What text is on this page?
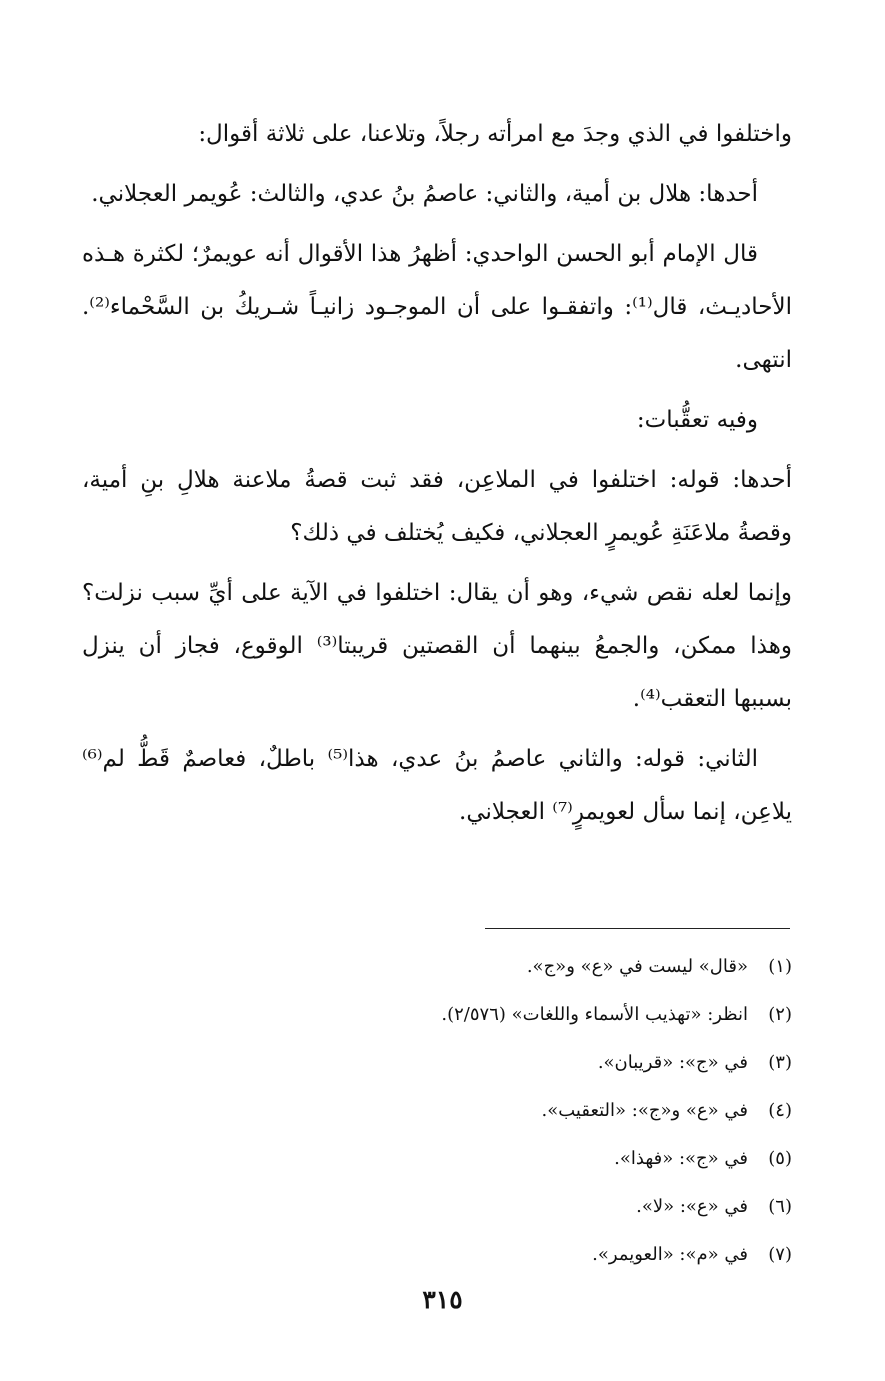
واختلفوا في الذي وجدَ مع امرأته رجلاً، وتلاعنا، على ثلاثة أقوال:

أحدها: هلال بن أمية، والثاني: عاصمُ بنُ عدي، والثالث: عُويمر العجلاني.

قال الإمام أبو الحسن الواحدي: أظهرُ هذا الأقوال أنه عويمرٌ؛ لكثرة هـذه الأحاديـث، قال⁽¹⁾: واتفقـوا على أن الموجـود زانيـاً شـريكُ بن السَّحْماء⁽²⁾. انتهى.

وفيه تعقُّبات:

أحدها: قوله: اختلفوا في الملاعِن، فقد ثبت قصةُ ملاعنة هلالِ بنِ أمية، وقصةُ ملاعَنَةِ عُويمرٍ العجلاني، فكيف يُختلف في ذلك؟

وإنما لعله نقص شيء، وهو أن يقال: اختلفوا في الآية على أيِّ سبب نزلت؟ وهذا ممكن، والجمعُ بينهما أن القصتين قريبتا⁽³⁾ الوقوع، فجاز أن ينزل بسببها التعقب⁽⁴⁾.

الثاني: قوله: والثاني عاصمُ بنُ عدي، هذا⁽⁵⁾ باطلٌ، فعاصمٌ قَطُّ لم⁽⁶⁾ يلاعِن، إنما سأل لعويمرٍ⁽⁷⁾ العجلاني.

(١)«قال» ليست في «ع» و«ج».
(٢)انظر: «تهذيب الأسماء واللغات» (٢/٥٧٦).
(٣)في «ج»: «قريبان».
(٤)في «ع» و«ج»: «التعقيب».
(٥)في «ج»: «فهذا».
(٦)في «ع»: «لا».
(٧)في «م»: «العويمر».
٣١٥
